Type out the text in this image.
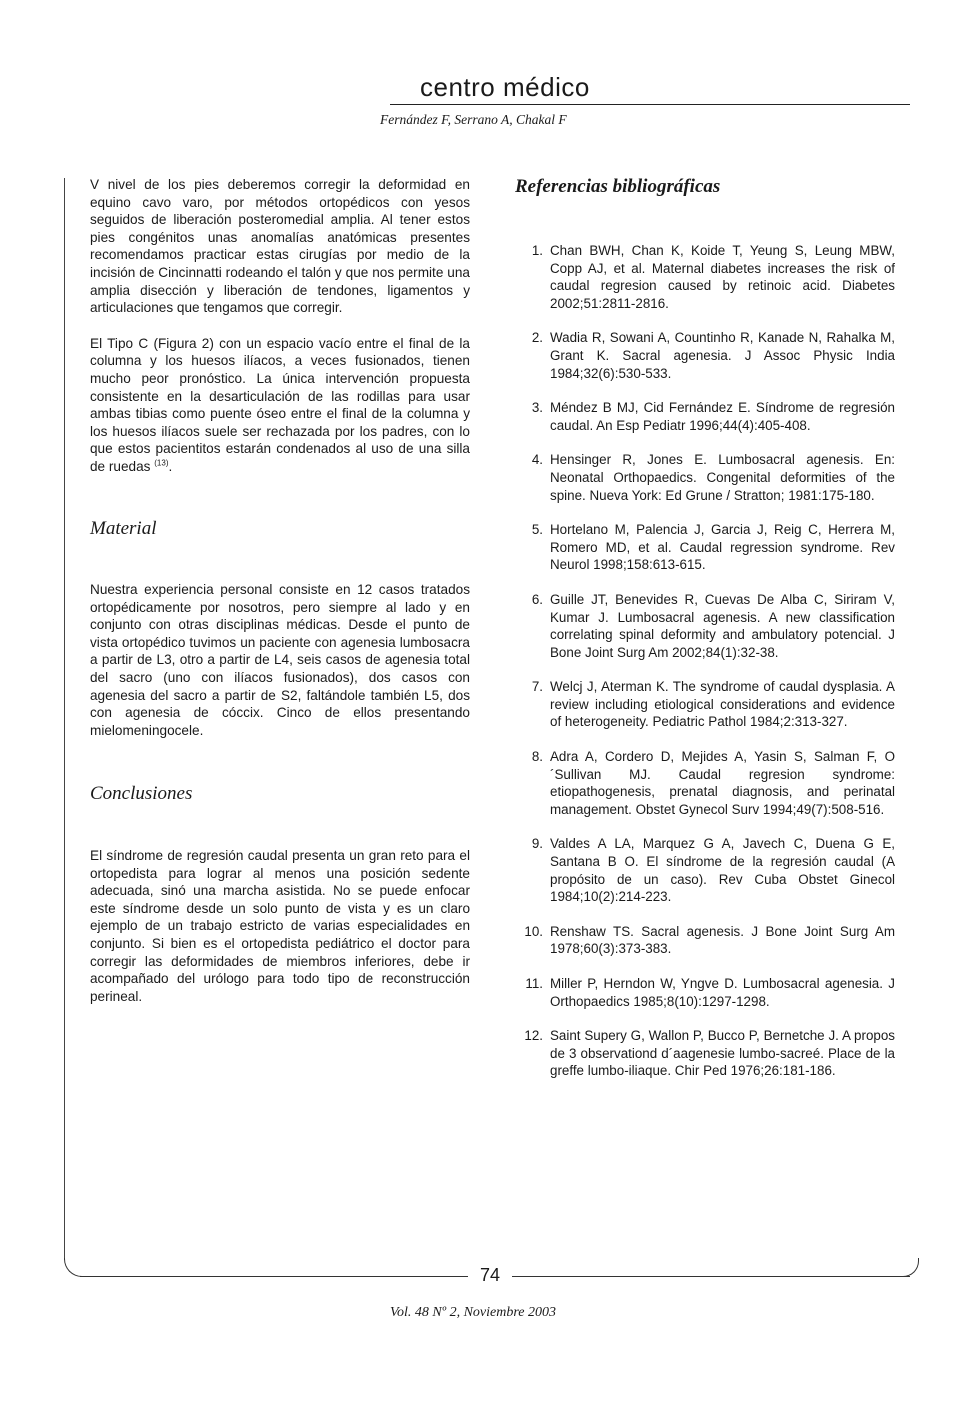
centro médico
Fernández F, Serrano A, Chakal F

V nivel de los pies deberemos corregir la deformidad en equino cavo varo, por métodos ortopédicos con yesos seguidos de liberación posteromedial amplia. Al tener estos pies congénitos unas anomalías anatómicas presentes recomendamos practicar estas cirugías por medio de la incisión de Cincinnatti rodeando el talón y que nos permite una amplia disección y liberación de tendones, ligamentos y articulaciones que tengamos que corregir.

El Tipo C (Figura 2) con un espacio vacío entre el final de la columna y los huesos ilíacos, a veces fusionados, tienen mucho peor pronóstico. La única intervención propuesta consistente en la desarticulación de las rodillas para usar ambas tibias como puente óseo entre el final de la columna y los huesos ilíacos suele ser rechazada por los padres, con lo que estos pacientitos estarán condenados al uso de una silla de ruedas $^{(13)}$.

Material

Nuestra experiencia personal consiste en 12 casos tratados ortopédicamente por nosotros, pero siempre al lado y en conjunto con otras disciplinas médicas. Desde el punto de vista ortopédico tuvimos un paciente con agenesia lumbosacra a partir de L3, otro a partir de L4, seis casos de agenesia total del sacro (uno con ilíacos fusionados), dos casos con agenesia del sacro a partir de S2, faltándole también L5, dos con agenesia de cóccix. Cinco de ellos presentando mielomeningocele.

Conclusiones

El síndrome de regresión caudal presenta un gran reto para el ortopedista para lograr al menos una posición sedente adecuada, sinó una marcha asistida. No se puede enfocar este síndrome desde un solo punto de vista y es un claro ejemplo de un trabajo estricto de varias especialidades en conjunto. Si bien es el ortopedista pediátrico el doctor para corregir las deformidades de miembros inferiores, debe ir acompañado del urólogo para todo tipo de reconstrucción perineal.

Referencias bibliográficas
1. Chan BWH, Chan K, Koide T, Yeung S, Leung MBW, Copp AJ, et al. Maternal diabetes increases the risk of caudal regresion caused by retinoic acid. Diabetes 2002;51:2811-2816.
2. Wadia R, Sowani A, Countinho R, Kanade N, Rahalka M, Grant K. Sacral agenesia. J Assoc Physic India 1984;32(6):530-533.
3. Méndez B MJ, Cid Fernández E. Síndrome de regresión caudal. An Esp Pediatr 1996;44(4):405-408.
4. Hensinger R, Jones E. Lumbosacral agenesis. En: Neonatal Orthopaedics. Congenital deformities of the spine. Nueva York: Ed Grune / Stratton; 1981:175-180.
5. Hortelano M, Palencia J, Garcia J, Reig C, Herrera M, Romero MD, et al. Caudal regression syndrome. Rev Neurol 1998;158:613-615.
6. Guille JT, Benevides R, Cuevas De Alba C, Siriram V, Kumar J. Lumbosacral agenesis. A new classification correlating spinal deformity and ambulatory potencial. J Bone Joint Surg Am 2002;84(1):32-38.
7. Welcj J, Aterman K. The syndrome of caudal dysplasia. A review including etiological considerations and evidence of heterogeneity. Pediatric Pathol 1984;2:313-327.
8. Adra A, Cordero D, Mejides A, Yasin S, Salman F, O´Sullivan MJ. Caudal regresion syndrome: etiopathogenesis, prenatal diagnosis, and perinatal management. Obstet Gynecol Surv 1994;49(7):508-516.
9. Valdes A LA, Marquez G A, Javech C, Duena G E, Santana B O. El síndrome de la regresión caudal (A propósito de un caso). Rev Cuba Obstet Ginecol 1984;10(2):214-223.
10. Renshaw TS. Sacral agenesis. J Bone Joint Surg Am 1978;60(3):373-383.
11. Miller P, Herndon W, Yngve D. Lumbosacral agenesia. J Orthopaedics 1985;8(10):1297-1298.
12. Saint Supery G, Wallon P, Bucco P, Bernetche J. A propos de 3 observationd d´aagenesie lumbo-sacreé. Place de la greffe lumbo-iliaque. Chir Ped 1976;26:181-186.
74
Vol. 48 Nº 2, Noviembre 2003
